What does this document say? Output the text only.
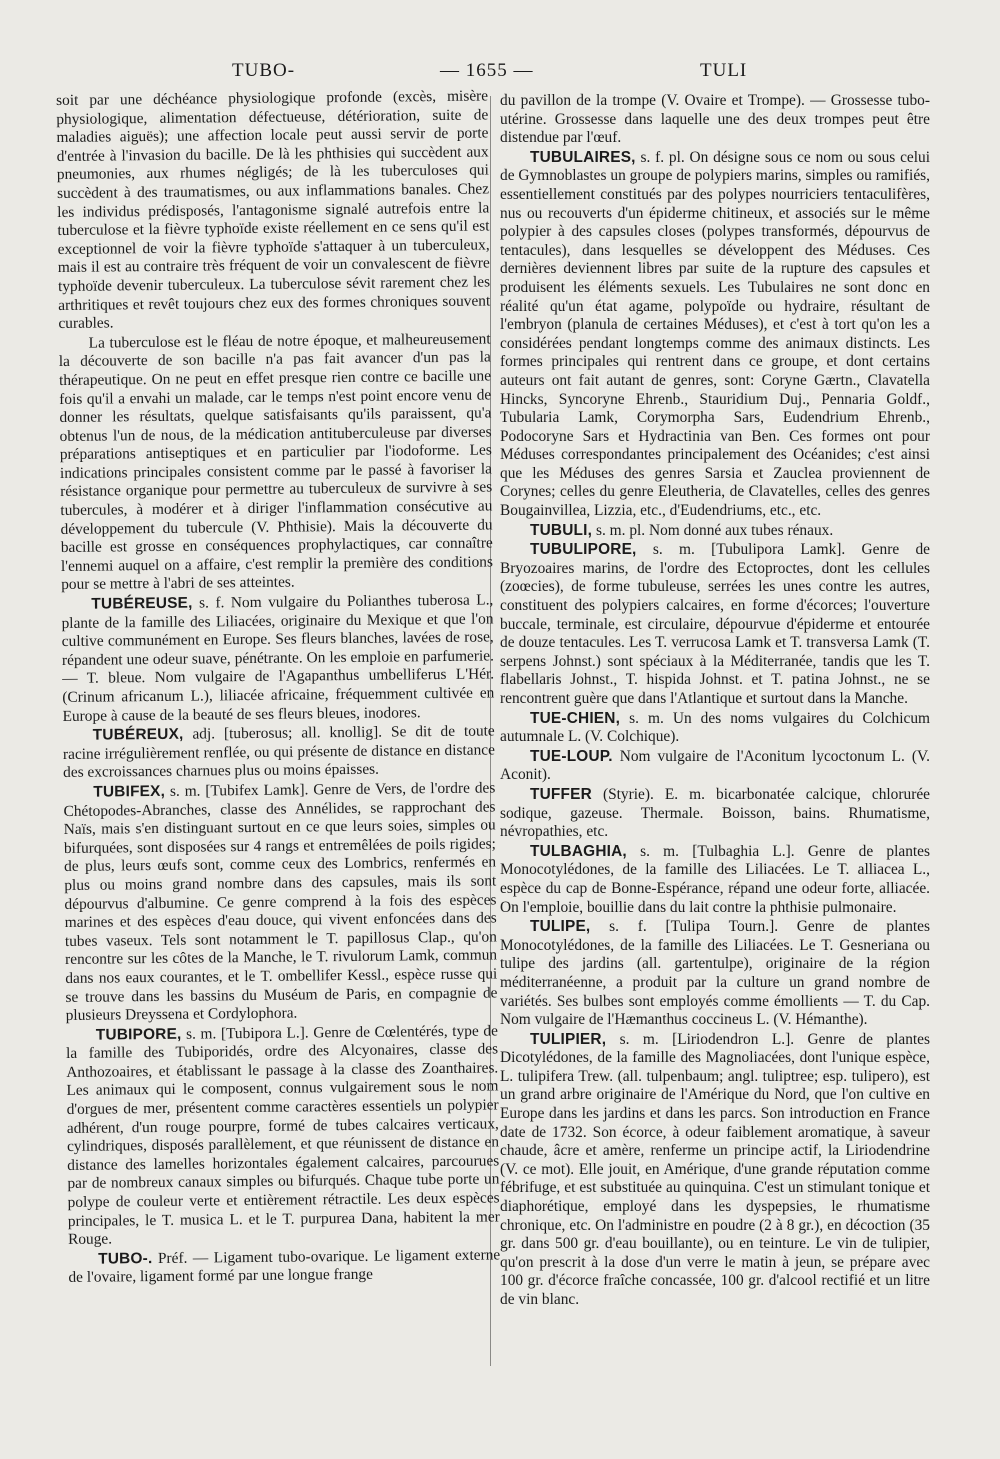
TUBO-	— 1655 —	TULI

soit par une déchéance physiologique profonde (excès, misère physiologique, alimentation défectueuse, détérioration, suite de maladies aiguës); une affection locale peut aussi servir de porte d'entrée à l'invasion du bacille. De là les phthisies qui succèdent aux pneumonies, aux rhumes négligés; de là les tuberculoses qui succèdent à des traumatismes, ou aux inflammations banales. Chez les individus prédisposés, l'antagonisme signalé autrefois entre la tuberculose et la fièvre typhoïde existe réellement en ce sens qu'il est exceptionnel de voir la fièvre typhoïde s'attaquer à un tuberculeux, mais il est au contraire très fréquent de voir un convalescent de fièvre typhoïde devenir tuberculeux. La tuberculose sévit rarement chez les arthritiques et revêt toujours chez eux des formes chroniques souvent curables.

La tuberculose est le fléau de notre époque, et malheureusement la découverte de son bacille n'a pas fait avancer d'un pas la thérapeutique. On ne peut en effet presque rien contre ce bacille une fois qu'il a envahi un malade, car le temps n'est point encore venu de donner les résultats, quelque satisfaisants qu'ils paraissent, qu'a obtenus l'un de nous, de la médication antituberculeuse par diverses préparations antiseptiques et en particulier par l'iodoforme. Les indications principales consistent comme par le passé à favoriser la résistance organique pour permettre au tuberculeux de survivre à ses tubercules, à modérer et à diriger l'inflammation consécutive au développement du tubercule (V. Phthisie). Mais la découverte du bacille est grosse en conséquences prophylactiques, car connaître l'ennemi auquel on a affaire, c'est remplir la première des conditions pour se mettre à l'abri de ses atteintes.

TUBÉREUSE, s. f. Nom vulgaire du Polianthes tuberosa L., plante de la famille des Liliacées, originaire du Mexique et que l'on cultive communément en Europe. Ses fleurs blanches, lavées de rose, répandent une odeur suave, pénétrante. On les emploie en parfumerie. — T. bleue. Nom vulgaire de l'Agapanthus umbelliferus L'Hér. (Crinum africanum L.), liliacée africaine, fréquemment cultivée en Europe à cause de la beauté de ses fleurs bleues, inodores.

TUBÉREUX, adj. [tuberosus; all. knollig]. Se dit de toute racine irrégulièrement renflée, ou qui présente de distance en distance des excroissances charnues plus ou moins épaisses.

TUBIFEX, s. m. [Tubifex Lamk]. Genre de Vers, de l'ordre des Chétopodes-Abranches, classe des Annélides, se rapprochant des Naïs, mais s'en distinguant surtout en ce que leurs soies, simples ou bifurquées, sont disposées sur 4 rangs et entremêlées de poils rigides; de plus, leurs œufs sont, comme ceux des Lombrics, renfermés en plus ou moins grand nombre dans des capsules, mais ils sont dépourvus d'albumine. Ce genre comprend à la fois des espèces marines et des espèces d'eau douce, qui vivent enfoncées dans des tubes vaseux. Tels sont notamment le T. papillosus Clap., qu'on rencontre sur les côtes de la Manche, le T. rivulorum Lamk, commun dans nos eaux courantes, et le T. ombellifer Kessl., espèce russe qui se trouve dans les bassins du Muséum de Paris, en compagnie de plusieurs Dreyssena et Cordylophora.

TUBIPORE, s. m. [Tubipora L.]. Genre de Cœlentérés, type de la famille des Tubiporidés, ordre des Alcyonaires, classe des Anthozoaires, et établissant le passage à la classe des Zoanthaires. Les animaux qui le composent, connus vulgairement sous le nom d'orgues de mer, présentent comme caractères essentiels un polypier adhérent, d'un rouge pourpre, formé de tubes calcaires verticaux, cylindriques, disposés parallèlement, et que réunissent de distance en distance des lamelles horizontales également calcaires, parcourues par de nombreux canaux simples ou bifurqués. Chaque tube porte un polype de couleur verte et entièrement rétractile. Les deux espèces principales, le T. musica L. et le T. purpurea Dana, habitent la mer Rouge.

TUBO-. Préf. — Ligament tubo-ovarique. Le ligament externe de l'ovaire, ligament formé par une longue frange

du pavillon de la trompe (V. Ovaire et Trompe). — Grossesse tubo-utérine. Grossesse dans laquelle une des deux trompes peut être distendue par l'œuf.

TUBULAIRES, s. f. pl. On désigne sous ce nom ou sous celui de Gymnoblastes un groupe de polypiers marins, simples ou ramifiés, essentiellement constitués par des polypes nourriciers tentaculifères, nus ou recouverts d'un épiderme chitineux, et associés sur le même polypier à des capsules closes (polypes transformés, dépourvus de tentacules), dans lesquelles se développent des Méduses. Ces dernières deviennent libres par suite de la rupture des capsules et produisent les éléments sexuels. Les Tubulaires ne sont donc en réalité qu'un état agame, polypoïde ou hydraire, résultant de l'embryon (planula de certaines Méduses), et c'est à tort qu'on les a considérées pendant longtemps comme des animaux distincts. Les formes principales qui rentrent dans ce groupe, et dont certains auteurs ont fait autant de genres, sont: Coryne Gærtn., Clavatella Hincks, Syncoryne Ehrenb., Stauridium Duj., Pennaria Goldf., Tubularia Lamk, Corymorpha Sars, Eudendrium Ehrenb., Podocoryne Sars et Hydractinia van Ben. Ces formes ont pour Méduses correspondantes principalement des Océanides; c'est ainsi que les Méduses des genres Sarsia et Zauclea proviennent de Corynes; celles du genre Eleutheria, de Clavatelles, celles des genres Bougainvillea, Lizzia, etc., d'Eudendriums, etc., etc.

TUBULI, s. m. pl. Nom donné aux tubes rénaux.

TUBULIPORE, s. m. [Tubulipora Lamk]. Genre de Bryozoaires marins, de l'ordre des Ectoproctes, dont les cellules (zoœcies), de forme tubuleuse, serrées les unes contre les autres, constituent des polypiers calcaires, en forme d'écorces; l'ouverture buccale, terminale, est circulaire, dépourvue d'épiderme et entourée de douze tentacules. Les T. verrucosa Lamk et T. transversa Lamk (T. serpens Johnst.) sont spéciaux à la Méditerranée, tandis que les T. flabellaris Johnst., T. hispida Johnst. et T. patina Johnst., ne se rencontrent guère que dans l'Atlantique et surtout dans la Manche.

TUE-CHIEN, s. m. Un des noms vulgaires du Colchicum autumnale L. (V. Colchique).

TUE-LOUP. Nom vulgaire de l'Aconitum lycoctonum L. (V. Aconit).

TUFFER (Styrie). E. m. bicarbonatée calcique, chlorurée sodique, gazeuse. Thermale. Boisson, bains. Rhumatisme, névropathies, etc.

TULBAGHIA, s. m. [Tulbaghia L.]. Genre de plantes Monocotylédones, de la famille des Liliacées. Le T. alliacea L., espèce du cap de Bonne-Espérance, répand une odeur forte, alliacée. On l'emploie, bouillie dans du lait contre la phthisie pulmonaire.

TULIPE, s. f. [Tulipa Tourn.]. Genre de plantes Monocotylédones, de la famille des Liliacées. Le T. Gesneriana ou tulipe des jardins (all. gartentulpe), originaire de la région méditerranéenne, a produit par la culture un grand nombre de variétés. Ses bulbes sont employés comme émollients — T. du Cap. Nom vulgaire de l'Hæmanthus coccineus L. (V. Hémanthe).

TULIPIER, s. m. [Liriodendron L.]. Genre de plantes Dicotylédones, de la famille des Magnoliacées, dont l'unique espèce, L. tulipifera Trew. (all. tulpenbaum; angl. tuliptree; esp. tulipero), est un grand arbre originaire de l'Amérique du Nord, que l'on cultive en Europe dans les jardins et dans les parcs. Son introduction en France date de 1732. Son écorce, à odeur faiblement aromatique, à saveur chaude, âcre et amère, renferme un principe actif, la Liriodendrine (V. ce mot). Elle jouit, en Amérique, d'une grande réputation comme fébrifuge, et est substituée au quinquina. C'est un stimulant tonique et diaphorétique, employé dans les dyspepsies, le rhumatisme chronique, etc. On l'administre en poudre (2 à 8 gr.), en décoction (35 gr. dans 500 gr. d'eau bouillante), ou en teinture. Le vin de tulipier, qu'on prescrit à la dose d'un verre le matin à jeun, se prépare avec 100 gr. d'écorce fraîche concassée, 100 gr. d'alcool rectifié et un litre de vin blanc.
